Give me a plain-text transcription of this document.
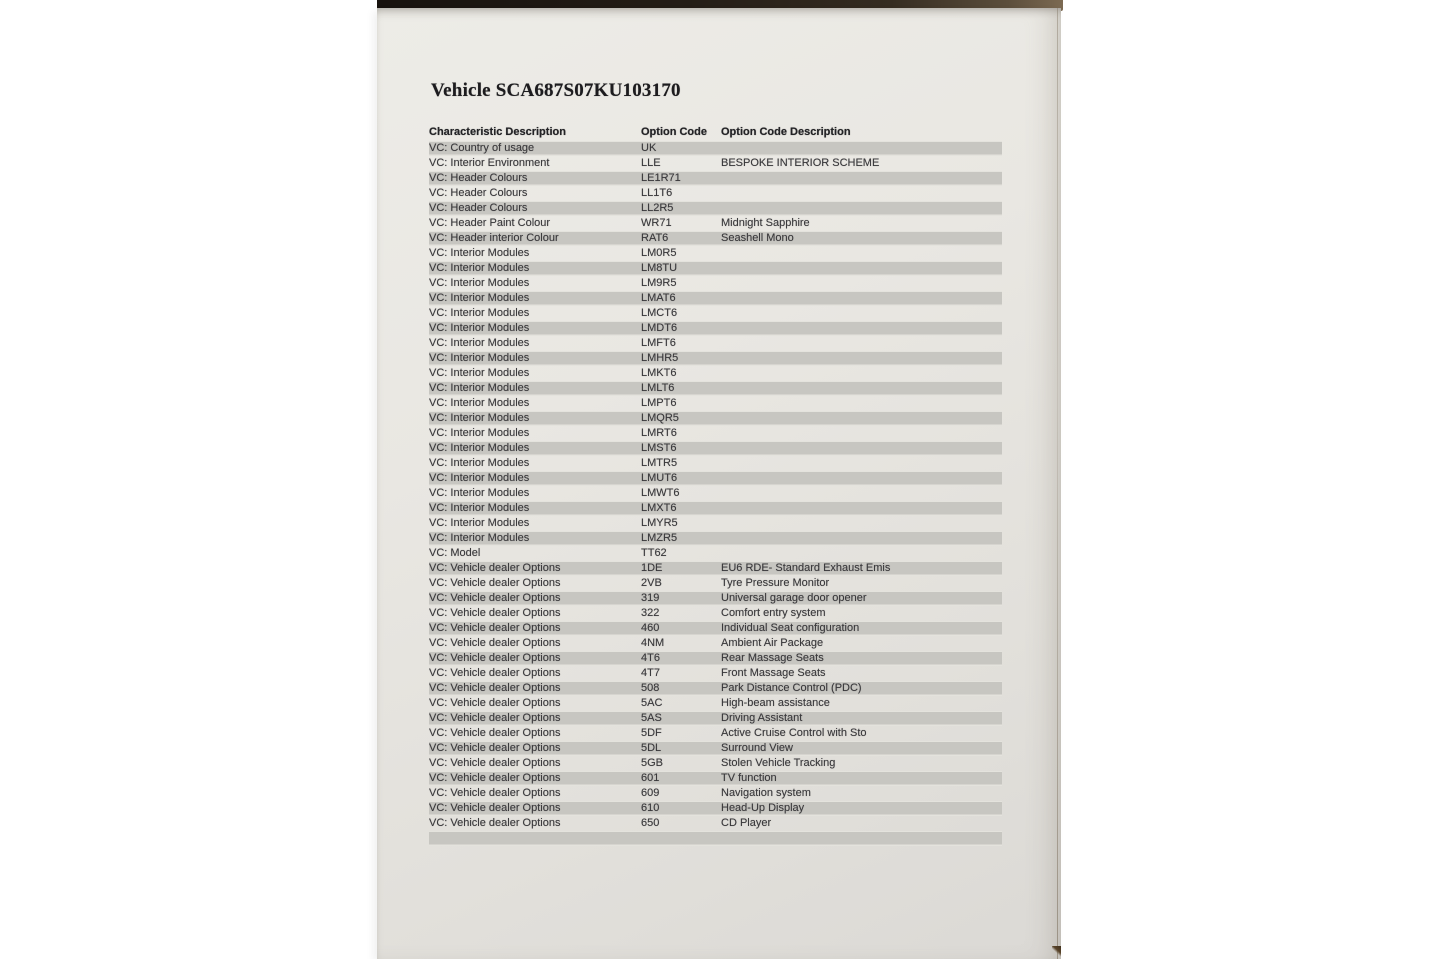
Vehicle SCA687S07KU103170
Characteristic Description	Option Code	Option Code Description
VC: Country of usage	UK
VC: Interior Environment	LLE	BESPOKE INTERIOR SCHEME
VC: Header Colours	LE1R71
VC: Header Colours	LL1T6
VC: Header Colours	LL2R5
VC: Header Paint Colour	WR71	Midnight Sapphire
VC: Header interior Colour	RAT6	Seashell Mono
VC: Interior Modules	LM0R5
VC: Interior Modules	LM8TU
VC: Interior Modules	LM9R5
VC: Interior Modules	LMAT6
VC: Interior Modules	LMCT6
VC: Interior Modules	LMDT6
VC: Interior Modules	LMFT6
VC: Interior Modules	LMHR5
VC: Interior Modules	LMKT6
VC: Interior Modules	LMLT6
VC: Interior Modules	LMPT6
VC: Interior Modules	LMQR5
VC: Interior Modules	LMRT6
VC: Interior Modules	LMST6
VC: Interior Modules	LMTR5
VC: Interior Modules	LMUT6
VC: Interior Modules	LMWT6
VC: Interior Modules	LMXT6
VC: Interior Modules	LMYR5
VC: Interior Modules	LMZR5
VC: Model	TT62
VC: Vehicle dealer Options	1DE	EU6 RDE- Standard Exhaust Emis
VC: Vehicle dealer Options	2VB	Tyre Pressure Monitor
VC: Vehicle dealer Options	319	Universal garage door opener
VC: Vehicle dealer Options	322	Comfort entry system
VC: Vehicle dealer Options	460	Individual Seat configuration
VC: Vehicle dealer Options	4NM	Ambient Air Package
VC: Vehicle dealer Options	4T6	Rear Massage Seats
VC: Vehicle dealer Options	4T7	Front Massage Seats
VC: Vehicle dealer Options	508	Park Distance Control (PDC)
VC: Vehicle dealer Options	5AC	High-beam assistance
VC: Vehicle dealer Options	5AS	Driving Assistant
VC: Vehicle dealer Options	5DF	Active Cruise Control with Sto
VC: Vehicle dealer Options	5DL	Surround View
VC: Vehicle dealer Options	5GB	Stolen Vehicle Tracking
VC: Vehicle dealer Options	601	TV function
VC: Vehicle dealer Options	609	Navigation system
VC: Vehicle dealer Options	610	Head-Up Display
VC: Vehicle dealer Options	650	CD Player
